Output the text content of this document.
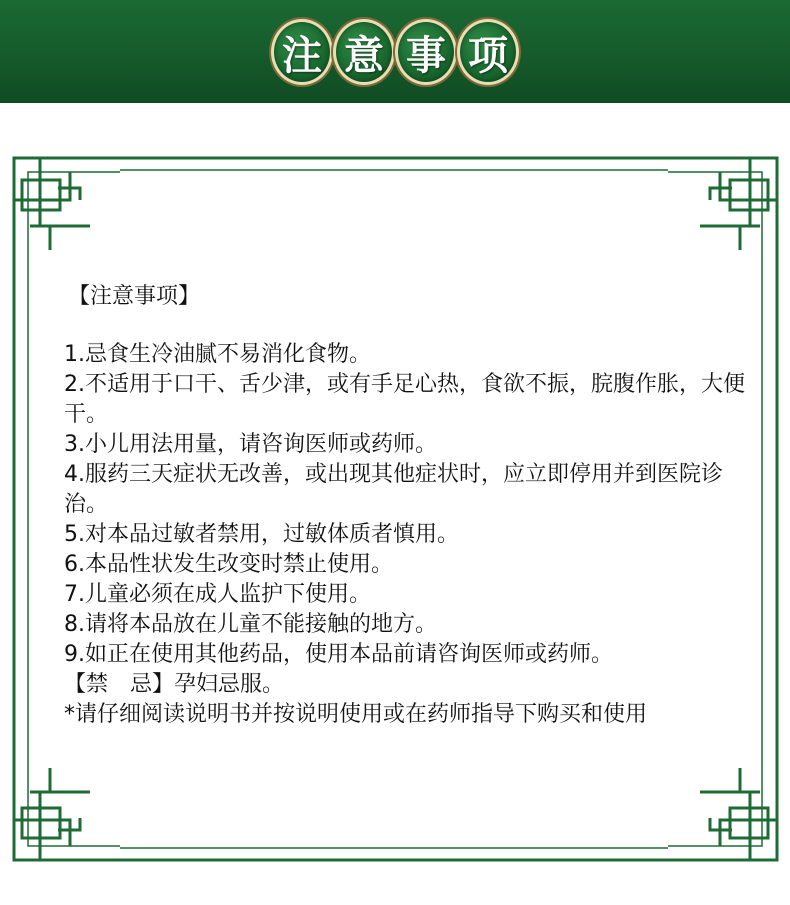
注 意 事 项
【注意事项】
1.忌食生冷油腻不易消化食物。
2.不适用于口干、舌少津，或有手足心热，食欲不振，脘腹作胀，大便干。
3.小儿用法用量，请咨询医师或药师。
4.服药三天症状无改善，或出现其他症状时，应立即停用并到医院诊治。
5.对本品过敏者禁用，过敏体质者慎用。
6.本品性状发生改变时禁止使用。
7.儿童必须在成人监护下使用。
8.请将本品放在儿童不能接触的地方。
9.如正在使用其他药品，使用本品前请咨询医师或药师。
【禁　忌】孕妇忌服。
*请仔细阅读说明书并按说明使用或在药师指导下购买和使用
